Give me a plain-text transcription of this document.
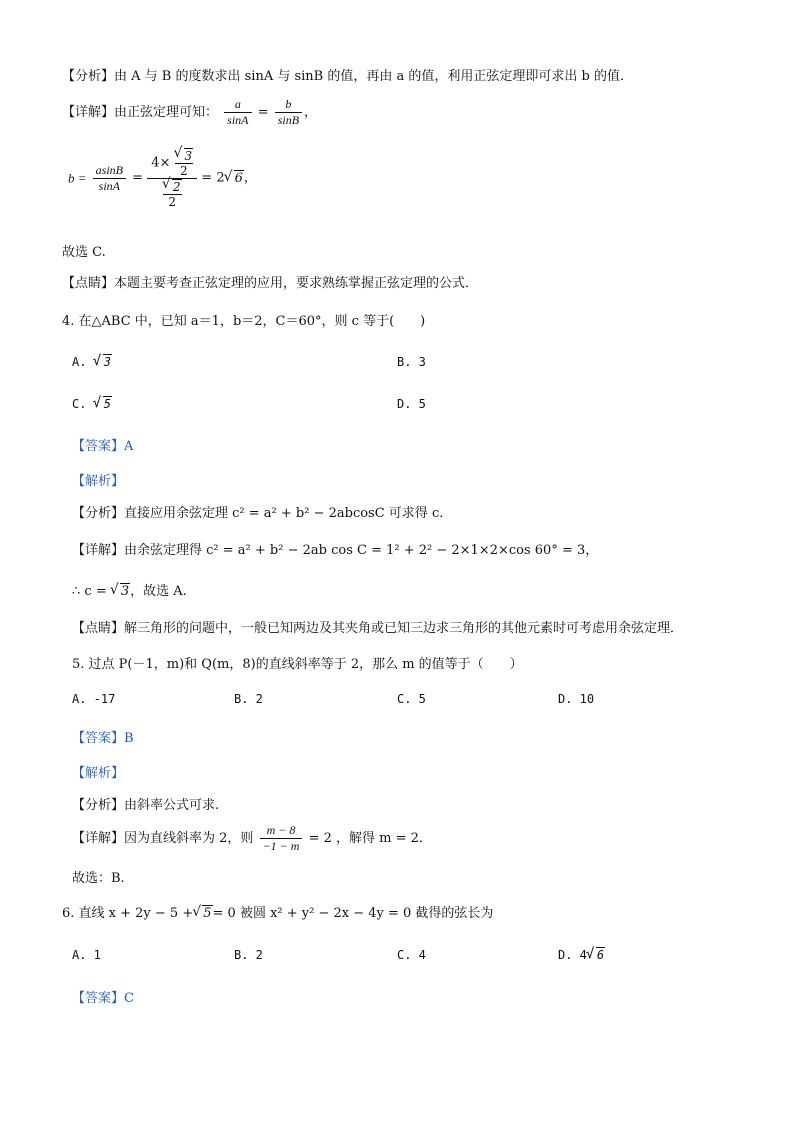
【分析】由 A 与 B 的度数求出 sinA 与 sinB 的值，再由 a 的值，利用正弦定理即可求出 b 的值．
【详解】由正弦定理可知： $\frac{a}{\sin A} = \frac{b}{\sin B}$ ，
$b = \frac{asinB}{\sin A} = 4\times$
√ $\frac{3}{2}$
√ $\frac{2}{2} = 2√$ 6，
故选 C.
【点睛】本题主要考查正弦定理的应用，要求熟练掌握正弦定理的公式．
4. 在△ABC 中，已知 a＝1，b＝2，C＝60°，则 c 等于(　　)
A. √ 3	B. 3
C. √ 5	D. 5
【答案】A
【解析】
【分析】直接应用余弦定理 c² = a² + b² − 2abcosC 可求得 c．
【详解】由余弦定理得 c² = a² + b² − 2ab cos C = 1² + 2² − 2×1×2×cos 60° = 3，
∴ c = √ 3，故选 A.
【点睛】解三角形的问题中，一般已知两边及其夹角或已知三边求三角形的其他元素时可考虑用余弦定理．
5. 过点 P(－1，m)和 Q(m，8)的直线斜率等于 2，那么 m 的值等于（　　）
A. -17	B. 2	C. 5	D. 10
【答案】B
【解析】
【分析】由斜率公式可求.
【详解】因为直线斜率为 2，则 $\frac{m - 8}{-1 - m} = 2$ ，解得 m = 2．
故选：B.
6. 直线 x + 2y − 5 +√ 5= 0 被圆 x² + y² − 2x − 4y = 0 截得的弦长为
A. 1	B. 2	C. 4	D. 4√ 6
【答案】C
